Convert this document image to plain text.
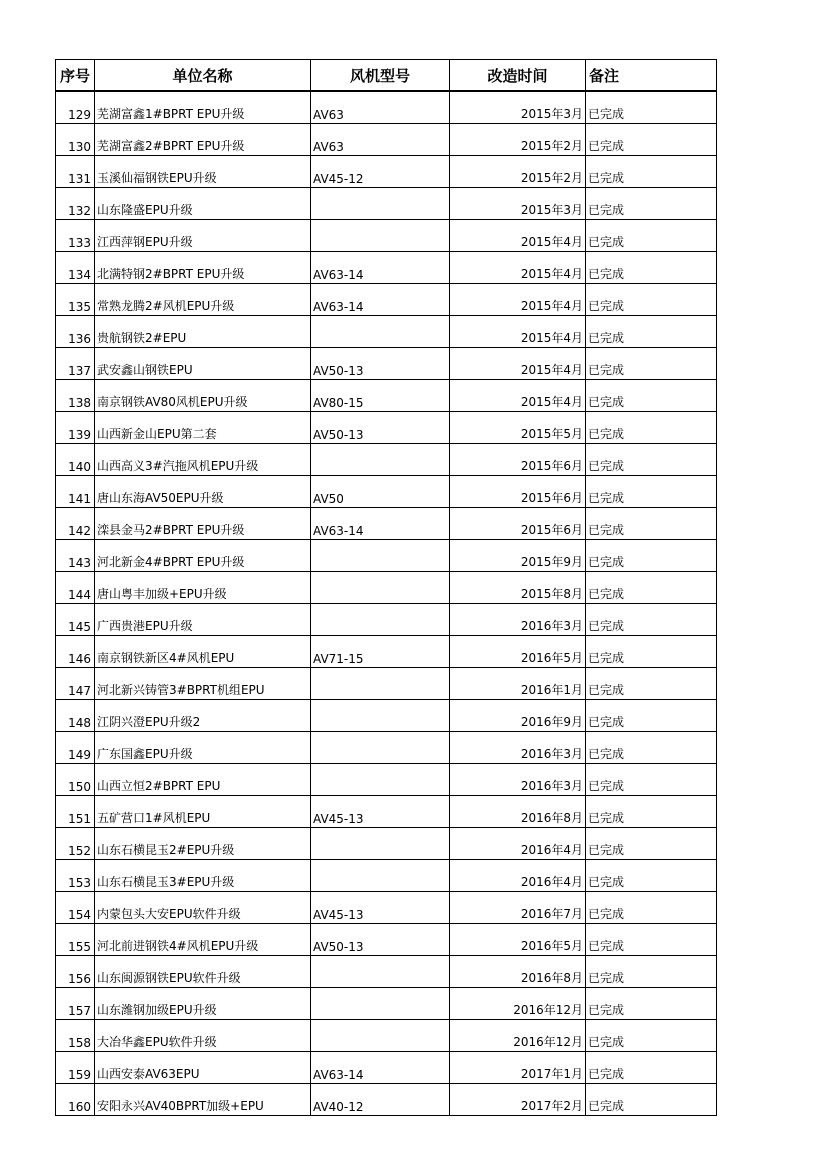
序号	单位名称	风机型号	改造时间	备注
129	芜湖富鑫1#BPRT EPU升级	AV63	2015年3月	已完成
130	芜湖富鑫2#BPRT EPU升级	AV63	2015年2月	已完成
131	玉溪仙福钢铁EPU升级	AV45-12	2015年2月	已完成
132	山东隆盛EPU升级		2015年3月	已完成
133	江西萍钢EPU升级		2015年4月	已完成
134	北满特钢2#BPRT EPU升级	AV63-14	2015年4月	已完成
135	常熟龙腾2#风机EPU升级	AV63-14	2015年4月	已完成
136	贵航钢铁2#EPU		2015年4月	已完成
137	武安鑫山钢铁EPU	AV50-13	2015年4月	已完成
138	南京钢铁AV80风机EPU升级	AV80-15	2015年4月	已完成
139	山西新金山EPU第二套	AV50-13	2015年5月	已完成
140	山西高义3#汽拖风机EPU升级		2015年6月	已完成
141	唐山东海AV50EPU升级	AV50	2015年6月	已完成
142	滦县金马2#BPRT EPU升级	AV63-14	2015年6月	已完成
143	河北新金4#BPRT EPU升级		2015年9月	已完成
144	唐山粤丰加级+EPU升级		2015年8月	已完成
145	广西贵港EPU升级		2016年3月	已完成
146	南京钢铁新区4#风机EPU	AV71-15	2016年5月	已完成
147	河北新兴铸管3#BPRT机组EPU		2016年1月	已完成
148	江阴兴澄EPU升级2		2016年9月	已完成
149	广东国鑫EPU升级		2016年3月	已完成
150	山西立恒2#BPRT EPU		2016年3月	已完成
151	五矿营口1#风机EPU	AV45-13	2016年8月	已完成
152	山东石横昆玉2#EPU升级		2016年4月	已完成
153	山东石横昆玉3#EPU升级		2016年4月	已完成
154	内蒙包头大安EPU软件升级	AV45-13	2016年7月	已完成
155	河北前进钢铁4#风机EPU升级	AV50-13	2016年5月	已完成
156	山东闽源钢铁EPU软件升级		2016年8月	已完成
157	山东潍钢加级EPU升级		2016年12月	已完成
158	大冶华鑫EPU软件升级		2016年12月	已完成
159	山西安泰AV63EPU	AV63-14	2017年1月	已完成
160	安阳永兴AV40BPRT加级+EPU	AV40-12	2017年2月	已完成
